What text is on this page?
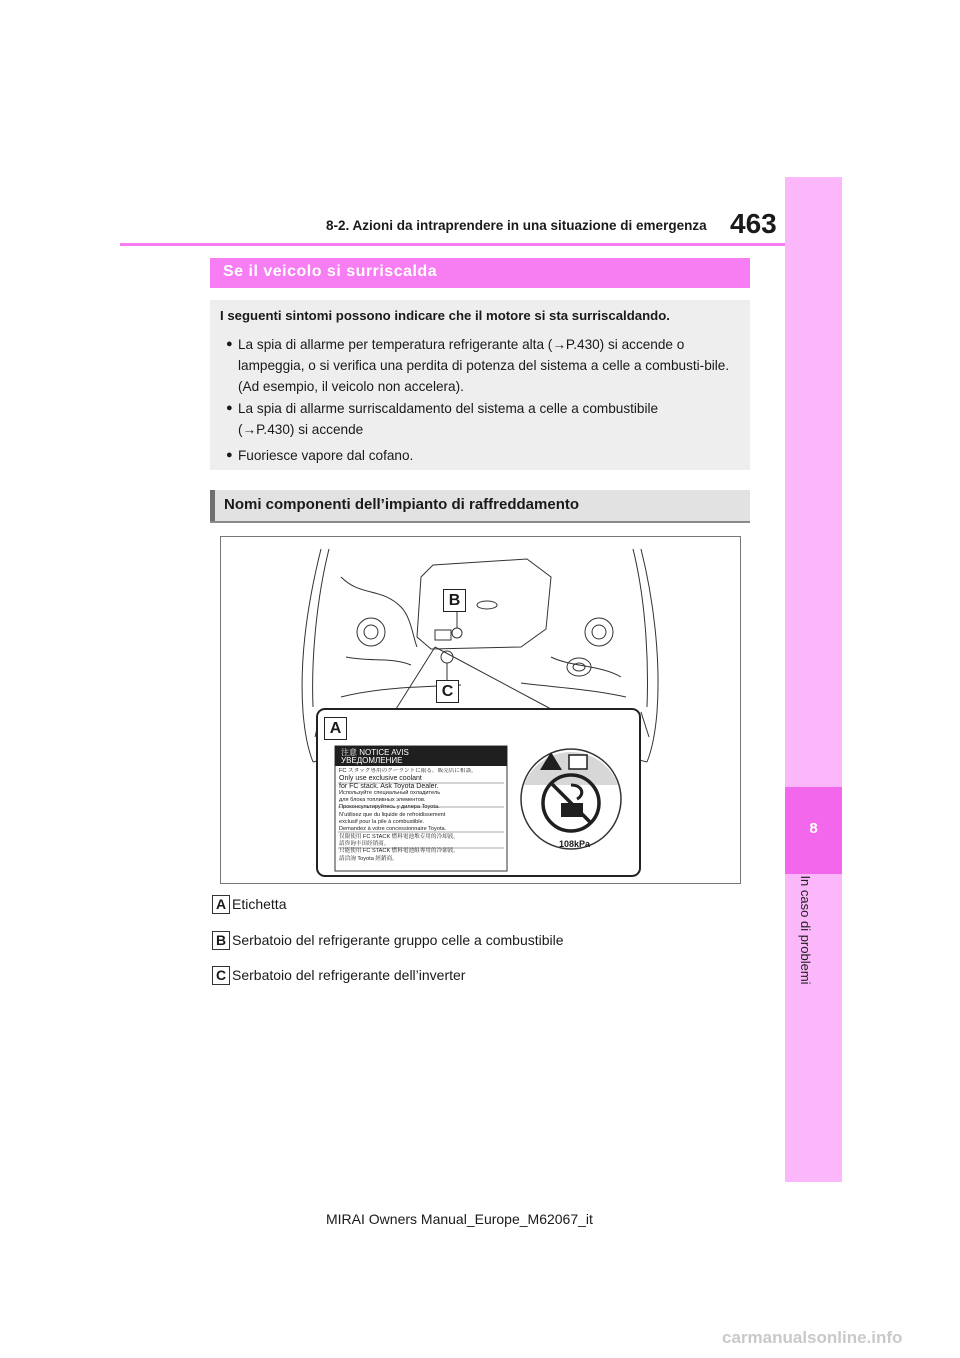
8-2. Azioni da intraprendere in una situazione di emergenza 463
8
In caso di problemi
Se il veicolo si surriscalda
I seguenti sintomi possono indicare che il motore si sta surriscaldando.
● La spia di allarme per temperatura refrigerante alta (→P.430) si accende o lampeggia, o si verifica una perdita di potenza del sistema a celle a combusti-bile. (Ad esempio, il veicolo non accelera).
● La spia di allarme surriscaldamento del sistema a celle a combustibile (→P.430) si accende
● Fuoriesce vapore dal cofano.
Nomi componenti dell’impianto di raffreddamento
B
C
A
注意 NOTICE AVIS
УВЕДОМЛЕНИЕ
FC スタック専用のクーラントに限る。販売店に相談。
Only use exclusive coolant
for FC stack. Ask Toyota Dealer.
Используйте специальный охладитель
для блока топливных элементов.
Проконсультируйтесь у дилера Toyota.
N’utilisez que du liquide de refroidissement
exclusif pour la pile à combustible.
Demandez à votre concessionnaire Toyota.
仅限使用 FC STACK 燃料電池堆专用的冷却液。
請咨询丰田经销商。
只能使用 FC STACK 燃料電池組專用的冷卻液。
請洽詢 Toyota 經銷商。
108kPa
A Etichetta
B Serbatoio del refrigerante gruppo celle a combustibile
C Serbatoio del refrigerante dell’inverter
MIRAI Owners Manual_Europe_M62067_it
carmanualsonline.info
